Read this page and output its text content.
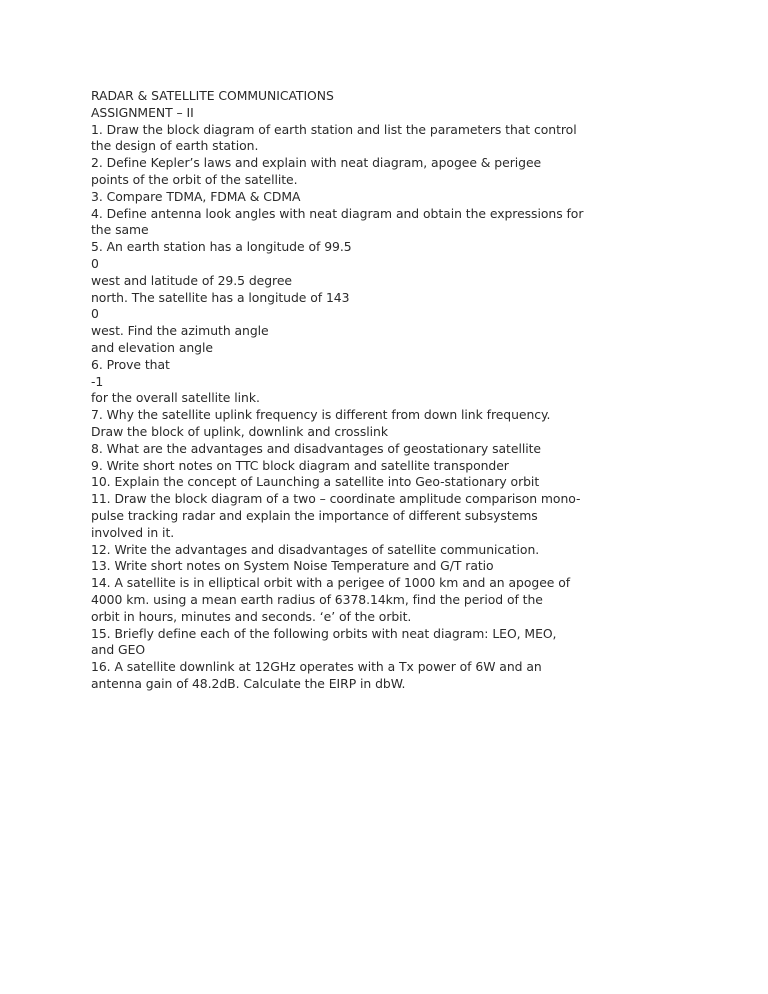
RADAR & SATELLITE COMMUNICATIONS
ASSIGNMENT – II
1. Draw the block diagram of earth station and list the parameters that control
the design of earth station.
2. Define Kepler’s laws and explain with neat diagram, apogee & perigee
points of the orbit of the satellite.
3. Compare TDMA, FDMA & CDMA
4. Define antenna look angles with neat diagram and obtain the expressions for
the same
5. An earth station has a longitude of 99.5
0
west and latitude of 29.5 degree
north. The satellite has a longitude of 143
0
west. Find the azimuth angle
and elevation angle
6. Prove that
-1
for the overall satellite link.
7. Why the satellite uplink frequency is different from down link frequency.
Draw the block of uplink, downlink and crosslink
8. What are the advantages and disadvantages of geostationary satellite
9. Write short notes on TTC block diagram and satellite transponder
10. Explain the concept of Launching a satellite into Geo-stationary orbit
11. Draw the block diagram of a two – coordinate amplitude comparison mono-
pulse tracking radar and explain the importance of different subsystems
involved in it.
12. Write the advantages and disadvantages of satellite communication.
13. Write short notes on System Noise Temperature and G/T ratio
14. A satellite is in elliptical orbit with a perigee of 1000 km and an apogee of
4000 km. using a mean earth radius of 6378.14km, find the period of the
orbit in hours, minutes and seconds. ‘e’ of the orbit.
15. Briefly define each of the following orbits with neat diagram: LEO, MEO,
and GEO
16. A satellite downlink at 12GHz operates with a Tx power of 6W and an
antenna gain of 48.2dB. Calculate the EIRP in dbW.
